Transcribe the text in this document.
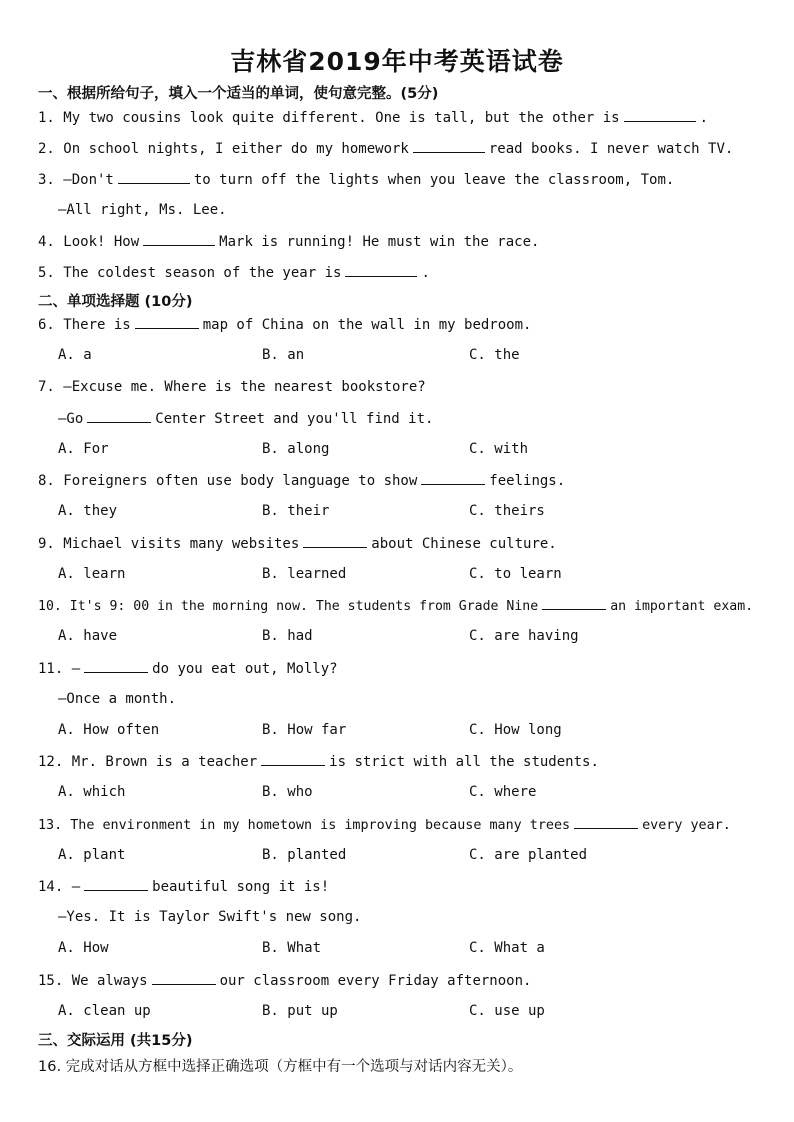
吉林省2019年中考英语试卷
一、根据所给句子，填入一个适当的单词，使句意完整。(5分)
1. My two cousins look quite different. One is tall, but the other is	.
2. On school nights, I either do my homework	read books. I never watch TV.
3. —Don't	to turn off the lights when you leave the classroom, Tom.
—All right, Ms. Lee.
4. Look! How	Mark is running! He must win the race.
5. The coldest season of the year is	.
二、单项选择题 (10分)
6. There is	map of China on the wall in my bedroom.
A. a	B. an	C. the
7. —Excuse me. Where is the nearest bookstore?
—Go	Center Street and you'll find it.
A. For	B. along	C. with
8. Foreigners often use body language to show	feelings.
A. they	B. their	C. theirs
9. Michael visits many websites	about Chinese culture.
A. learn	B. learned	C. to learn
10. It's 9: 00 in the morning now. The students from Grade Nine	an important exam.
A. have	B. had	C. are having
11. —	do you eat out, Molly?
—Once a month.
A. How often	B. How far	C. How long
12. Mr. Brown is a teacher	is strict with all the students.
A. which	B. who	C. where
13. The environment in my hometown is improving because many trees	every year.
A. plant	B. planted	C. are planted
14. —	beautiful song it is!
—Yes. It is Taylor Swift's new song.
A. How	B. What	C. What a
15. We always	our classroom every Friday afternoon.
A. clean up	B. put up	C. use up
三、交际运用 (共15分)
16. 完成对话从方框中选择正确选项（方框中有一个选项与对话内容无关）。
